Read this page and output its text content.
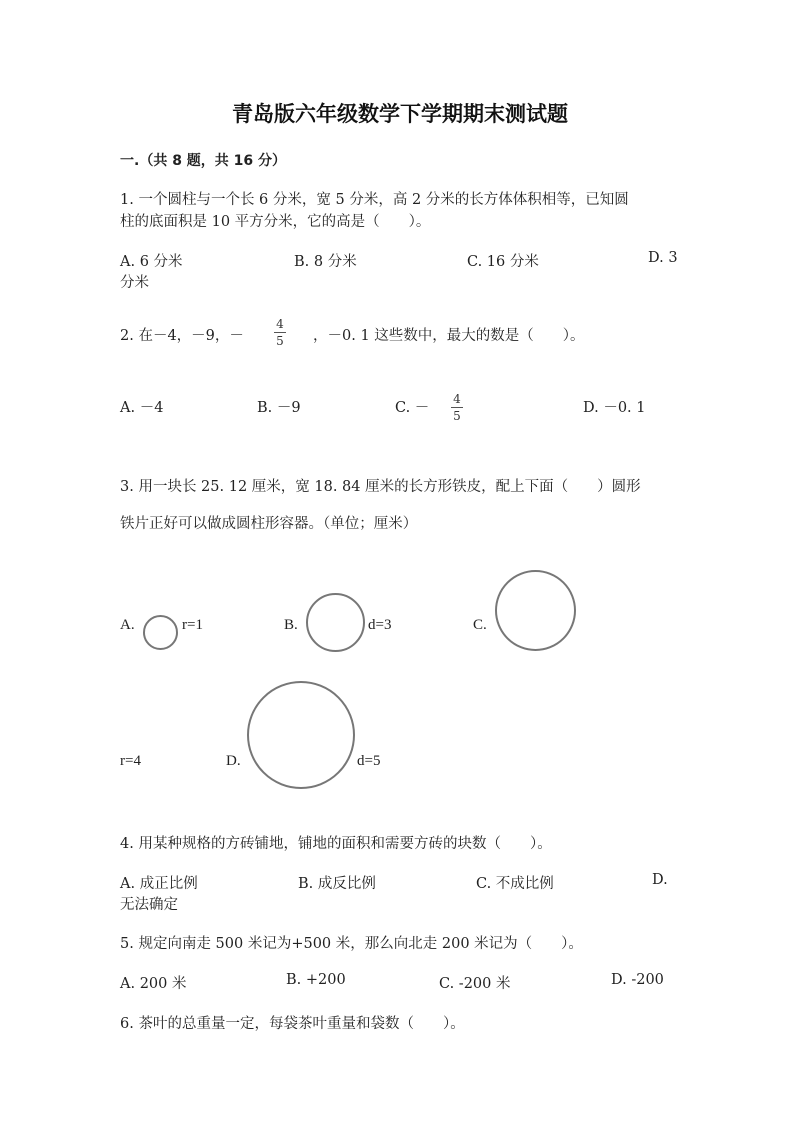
青岛版六年级数学下学期期末测试题
一.（共 8 题，共 16 分）
1. 一个圆柱与一个长 6 分米，宽 5 分米，高 2 分米的长方体体积相等，已知圆
柱的底面积是 10 平方分米，它的高是（　　）。
A. 6 分米	B. 8 分米	C. 16 分米	D. 3
分米
2. 在－4，－9，－
4
5 ，－0. 1 这些数中，最大的数是（　　）。
A. －4	B. －9	C. －
4
5	D. －0. 1
3. 用一块长 25. 12 厘米，宽 18. 84 厘米的长方形铁皮，配上下面（　　）圆形
铁片正好可以做成圆柱形容器。（单位；厘米）
A.	r=1	B.	d=3	C.
r=4	D.	d=5
4. 用某种规格的方砖铺地，铺地的面积和需要方砖的块数（　　）。
A. 成正比例	B. 成反比例	C. 不成比例	D.
无法确定
5. 规定向南走 500 米记为+500 米，那么向北走 200 米记为（　　）。
A. 200 米	B. +200	C. -200 米	D. -200
6. 茶叶的总重量一定，每袋茶叶重量和袋数（　　）。
